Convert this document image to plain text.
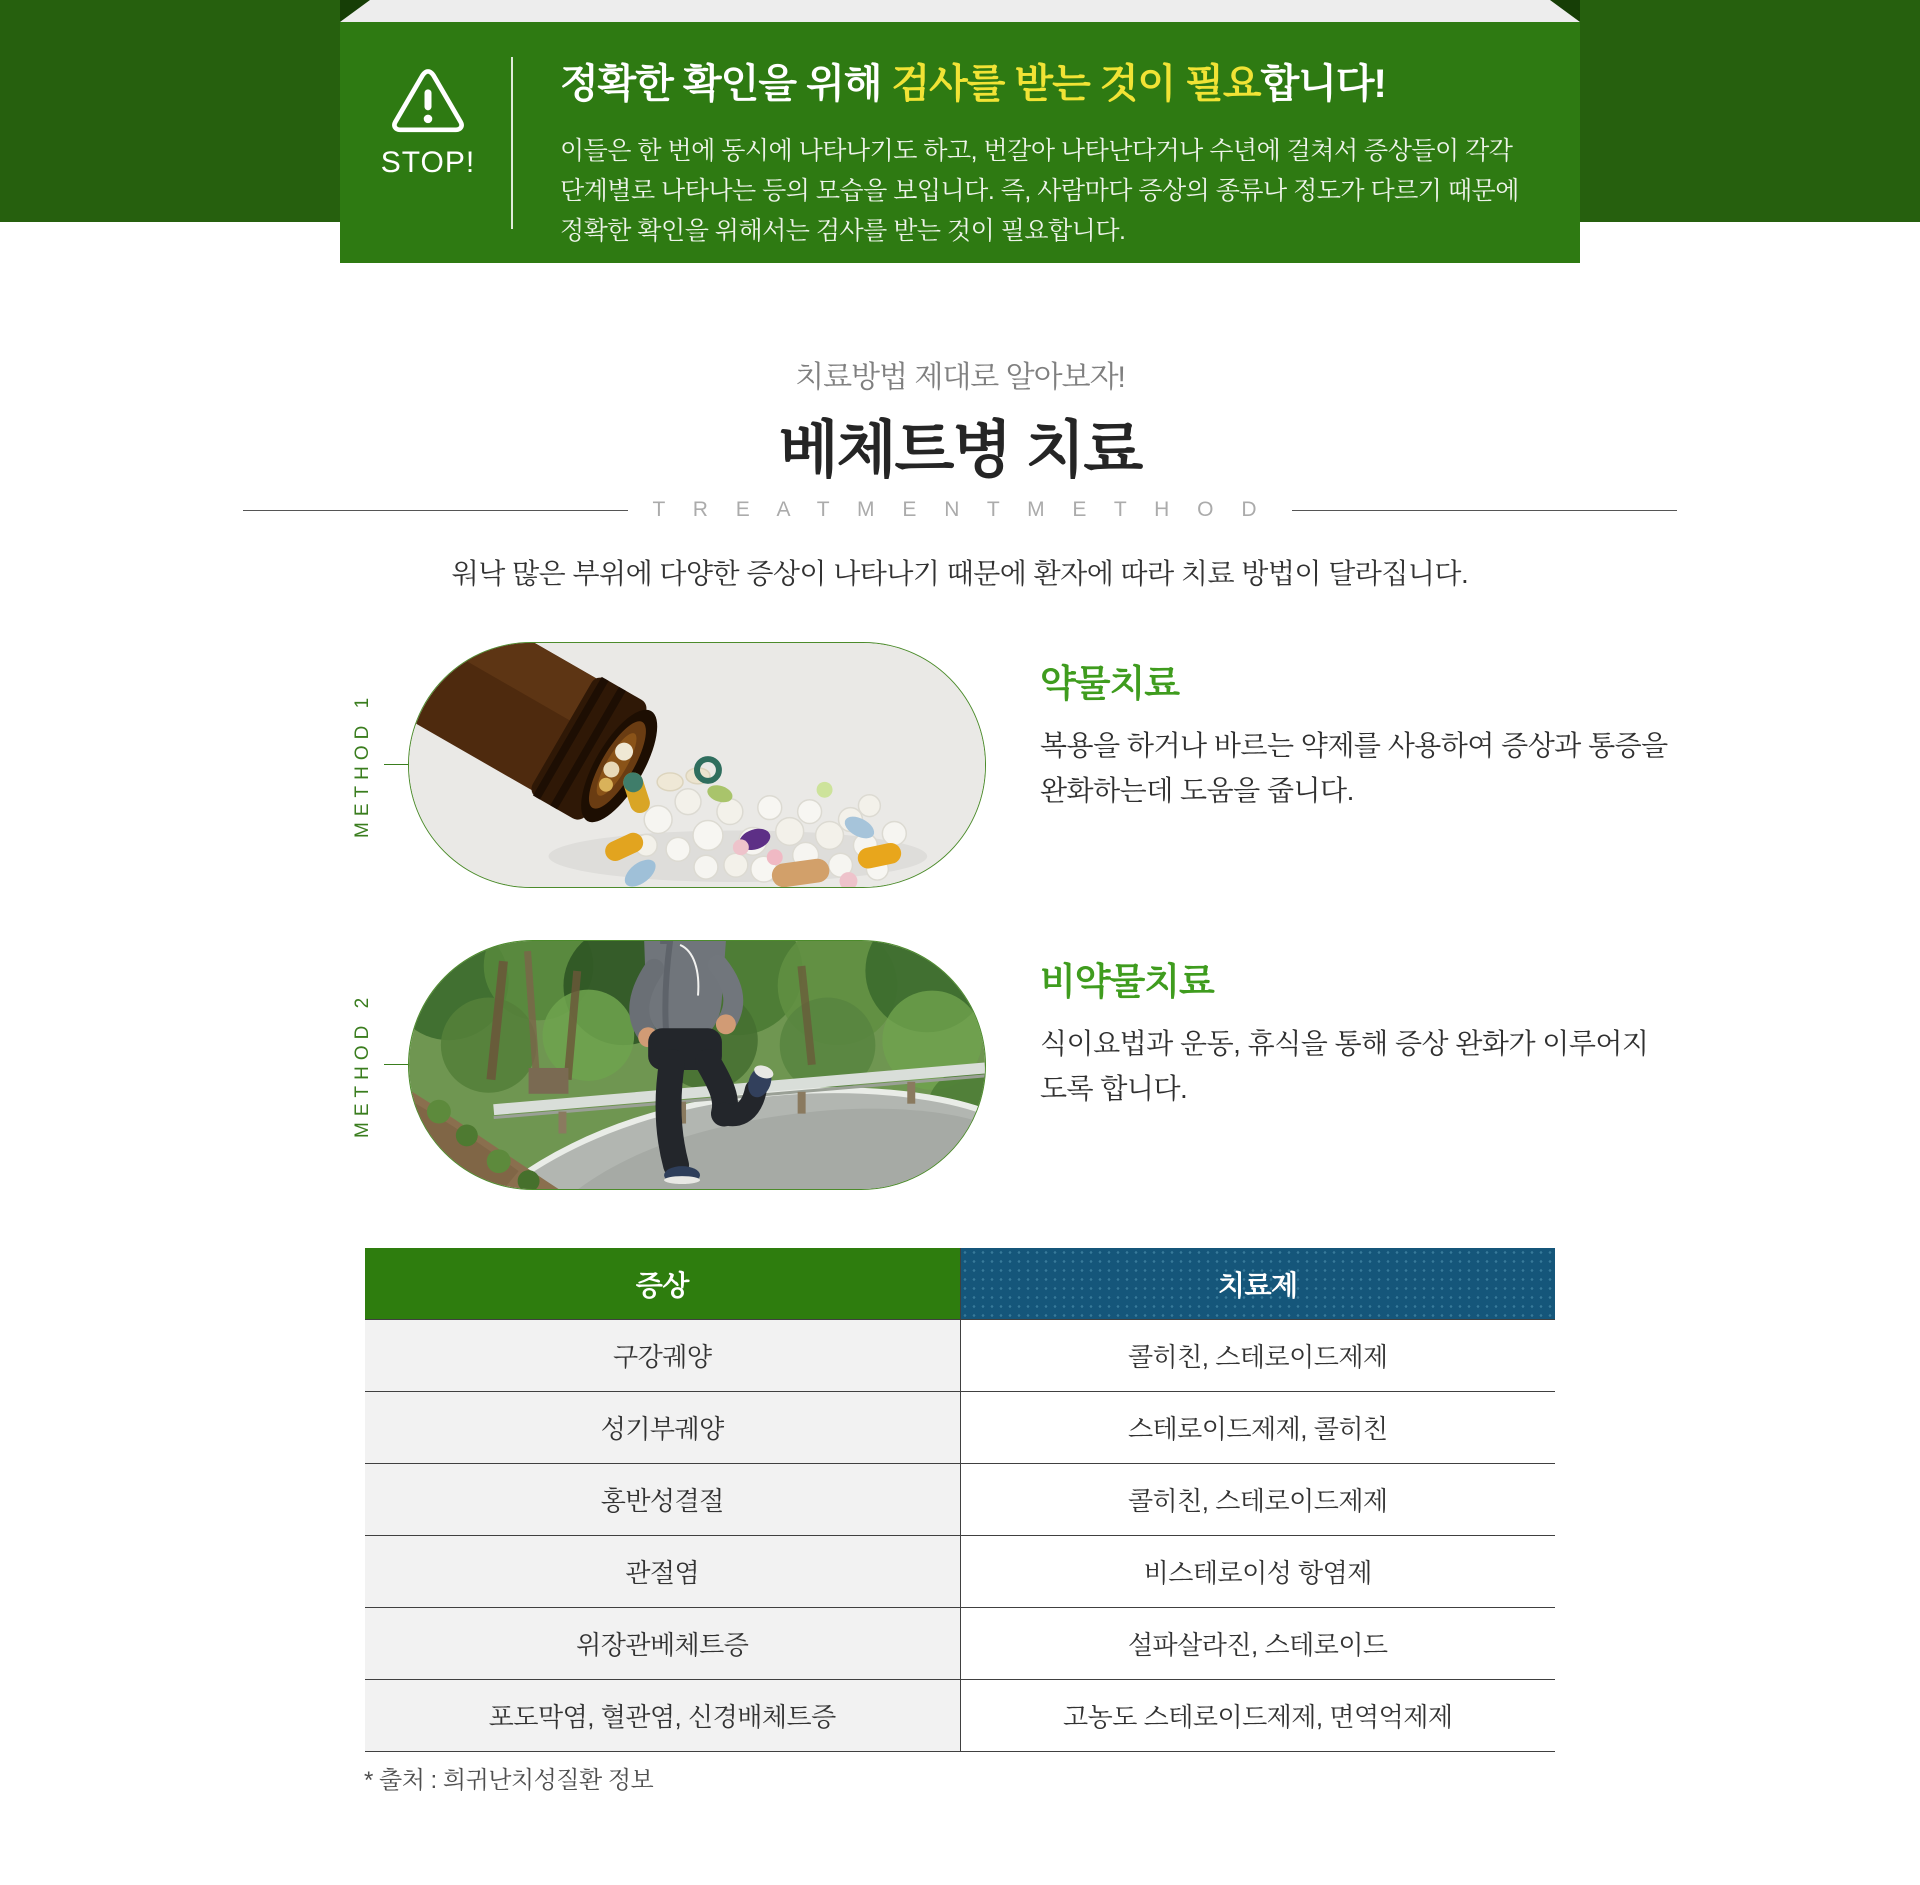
STOP!
정확한 확인을 위해 검사를 받는 것이 필요합니다!
이들은 한 번에 동시에 나타나기도 하고, 번갈아 나타난다거나 수년에 걸쳐서 증상들이 각각
단계별로 나타나는 등의 모습을 보입니다. 즉, 사람마다 증상의 종류나 정도가 다르기 때문에
정확한 확인을 위해서는 검사를 받는 것이 필요합니다.
치료방법 제대로 알아보자!
베체트병 치료
T R E A T M E N T M E T H O D
워낙 많은 부위에 다양한 증상이 나타나기 때문에 환자에 따라 치료 방법이 달라집니다.
METHOD 1
약물치료
복용을 하거나 바르는 약제를 사용하여 증상과 통증을
완화하는데 도움을 줍니다.
METHOD 2
비약물치료
식이요법과 운동, 휴식을 통해 증상 완화가 이루어지
도록 합니다.
증상	치료제
구강궤양	콜히친, 스테로이드제제
성기부궤양	스테로이드제제, 콜히친
홍반성결절	콜히친, 스테로이드제제
관절염	비스테로이성 항염제
위장관베체트증	설파살라진, 스테로이드
포도막염, 혈관염, 신경배체트증	고농도 스테로이드제제, 면역억제제
* 출처 : 희귀난치성질환 정보
